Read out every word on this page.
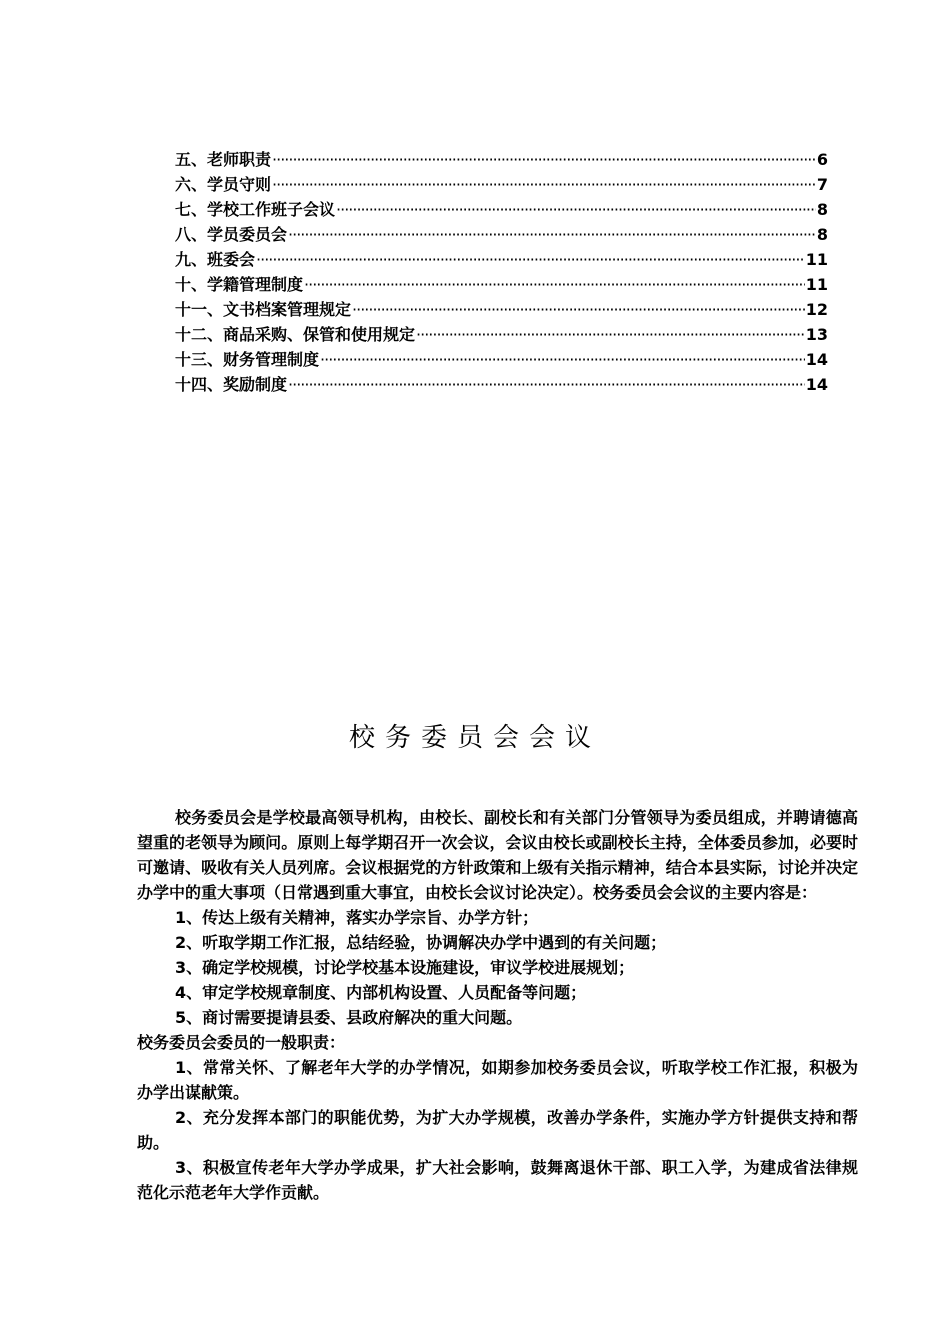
五、老师职责 ·····	6
六、学员守则 ·····	7
七、学校工作班子会议 ·····	8
八、学员委员会 ·····	8
九、班委会 ·····	11
十、学籍管理制度 ·····	11
十一、文书档案管理规定 ·····	12
十二、商品采购、保管和使用规定 ·····	13
十三、财务管理制度 ·····	14
十四、奖励制度 ·····	14
校务委员会会议

校务委员会是学校最高领导机构，由校长、副校长和有关部门分管领导为委员组成，并聘请德高望重的老领导为顾问。原则上每学期召开一次会议，会议由校长或副校长主持，全体委员参加，必要时可邀请、吸收有关人员列席。会议根据党的方针政策和上级有关指示精神，结合本县实际，讨论并决定办学中的重大事项（日常遇到重大事宜，由校长会议讨论决定）。校务委员会会议的主要内容是：

1、传达上级有关精神，落实办学宗旨、办学方针；

2、听取学期工作汇报，总结经验，协调解决办学中遇到的有关问题；

3、确定学校规模，讨论学校基本设施建设，审议学校进展规划；

4、审定学校规章制度、内部机构设置、人员配备等问题；

5、商讨需要提请县委、县政府解决的重大问题。

校务委员会委员的一般职责：

1、常常关怀、了解老年大学的办学情况，如期参加校务委员会议，听取学校工作汇报，积极为办学出谋献策。

2、充分发挥本部门的职能优势，为扩大办学规模，改善办学条件，实施办学方针提供支持和帮助。

3、积极宣传老年大学办学成果，扩大社会影响，鼓舞离退休干部、职工入学，为建成省法律规范化示范老年大学作贡献。
